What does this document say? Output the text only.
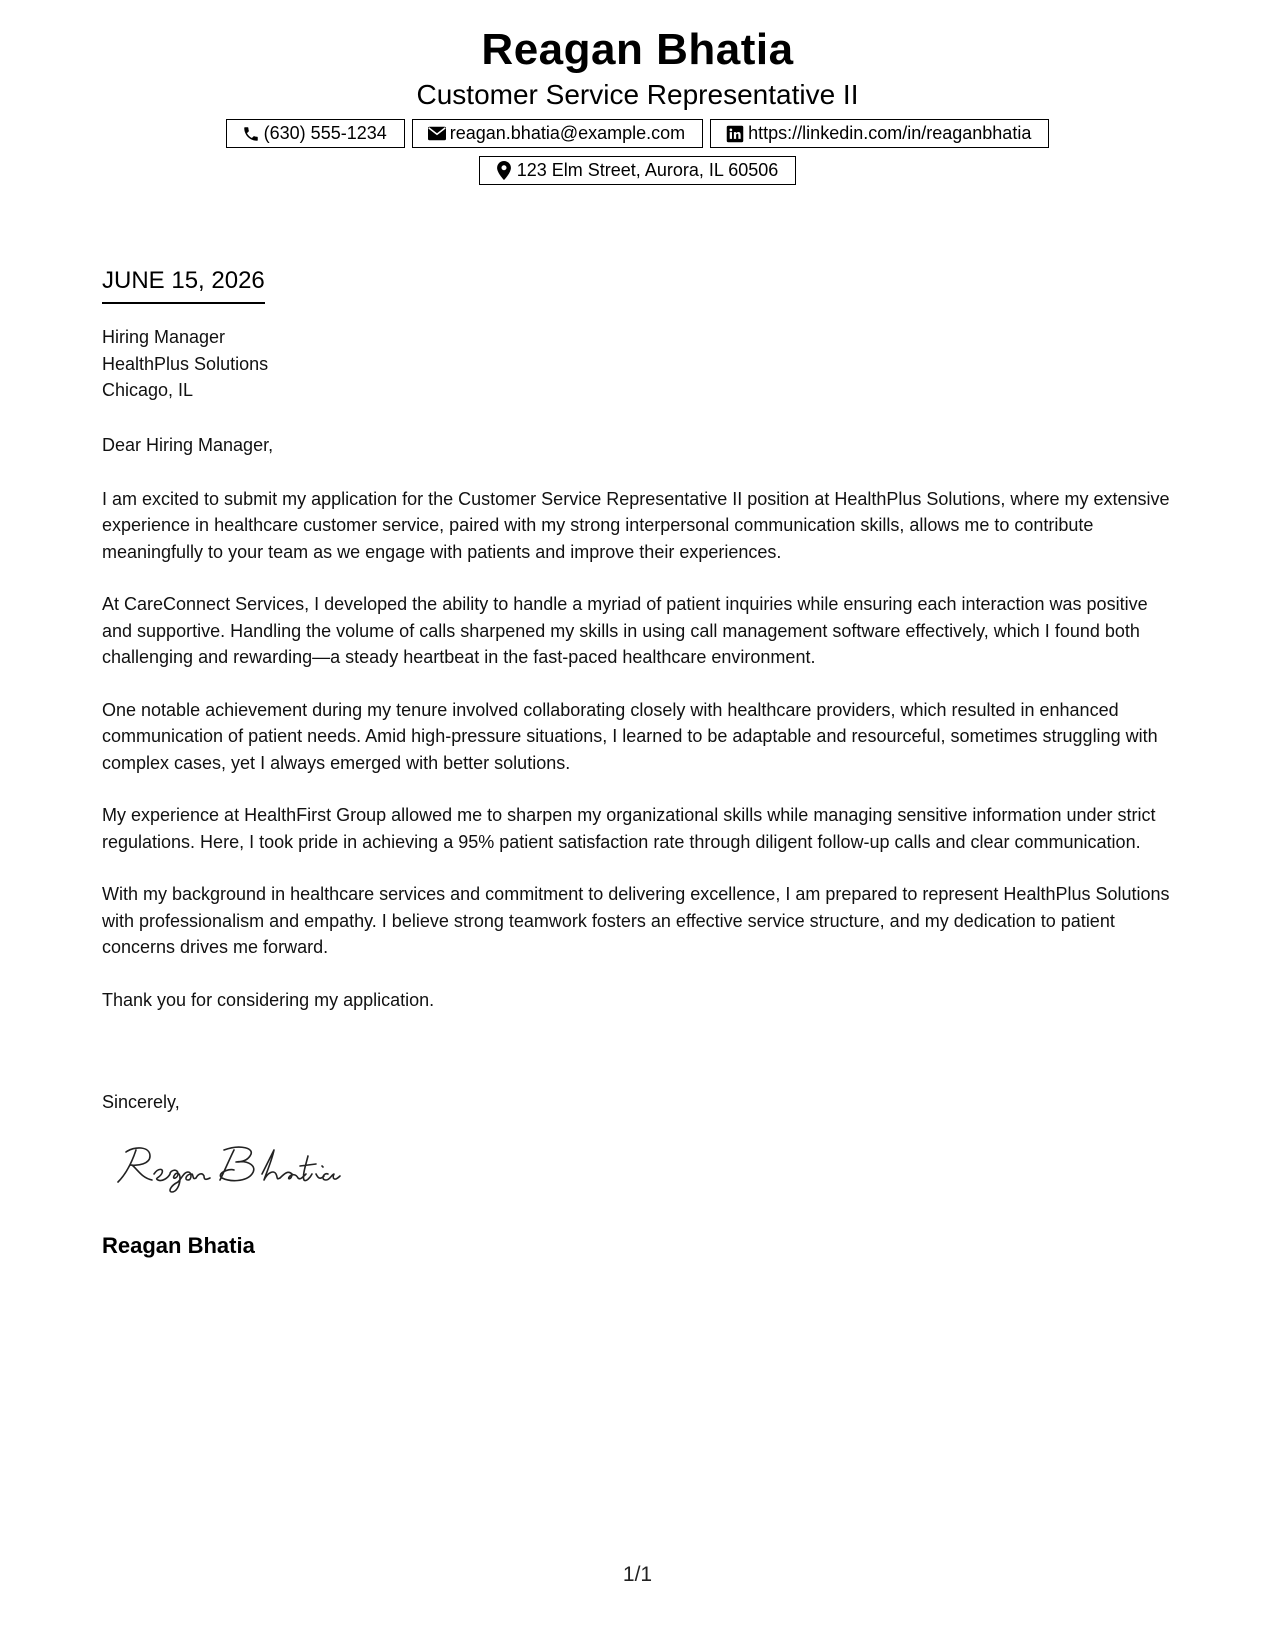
Reagan Bhatia
Customer Service Representative II
(630) 555-1234	reagan.bhatia@example.com	https://linkedin.com/in/reaganbhatia
123 Elm Street, Aurora, IL 60506
JUNE 15, 2026
Hiring Manager
HealthPlus Solutions
Chicago, IL

Dear Hiring Manager,

I am excited to submit my application for the Customer Service Representative II position at HealthPlus Solutions, where my extensive experience in healthcare customer service, paired with my strong interpersonal communication skills, allows me to contribute meaningfully to your team as we engage with patients and improve their experiences.

At CareConnect Services, I developed the ability to handle a myriad of patient inquiries while ensuring each interaction was positive and supportive. Handling the volume of calls sharpened my skills in using call management software effectively, which I found both challenging and rewarding—a steady heartbeat in the fast-paced healthcare environment.

One notable achievement during my tenure involved collaborating closely with healthcare providers, which resulted in enhanced communication of patient needs. Amid high-pressure situations, I learned to be adaptable and resourceful, sometimes struggling with complex cases, yet I always emerged with better solutions.

My experience at HealthFirst Group allowed me to sharpen my organizational skills while managing sensitive information under strict regulations. Here, I took pride in achieving a 95% patient satisfaction rate through diligent follow-up calls and clear communication.

With my background in healthcare services and commitment to delivering excellence, I am prepared to represent HealthPlus Solutions with professionalism and empathy. I believe strong teamwork fosters an effective service structure, and my dedication to patient concerns drives me forward.

Thank you for considering my application.

Sincerely,
Reagan Bhatia
1/1
